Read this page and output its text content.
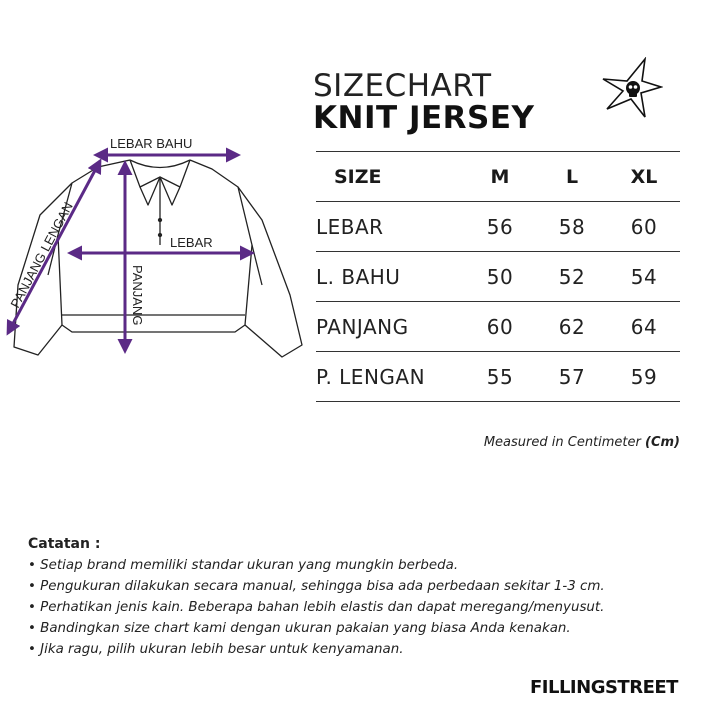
LEBAR BAHU
LEBAR
PANJANG
PANJANG LENGAN
SIZECHART
KNIT JERSEY
SIZE	M	L	XL
LEBAR	56	58	60
L. BAHU	50	52	54
PANJANG	60	62	64
P. LENGAN	55	57	59
Measured in Centimeter (Cm)
Catatan :
• Setiap brand memiliki standar ukuran yang mungkin berbeda.
• Pengukuran dilakukan secara manual, sehingga bisa ada perbedaan sekitar 1-3 cm.
• Perhatikan jenis kain. Beberapa bahan lebih elastis dan dapat meregang/menyusut.
• Bandingkan size chart kami dengan ukuran pakaian yang biasa Anda kenakan.
• Jika ragu, pilih ukuran lebih besar untuk kenyamanan.
FILLINGSTREET
